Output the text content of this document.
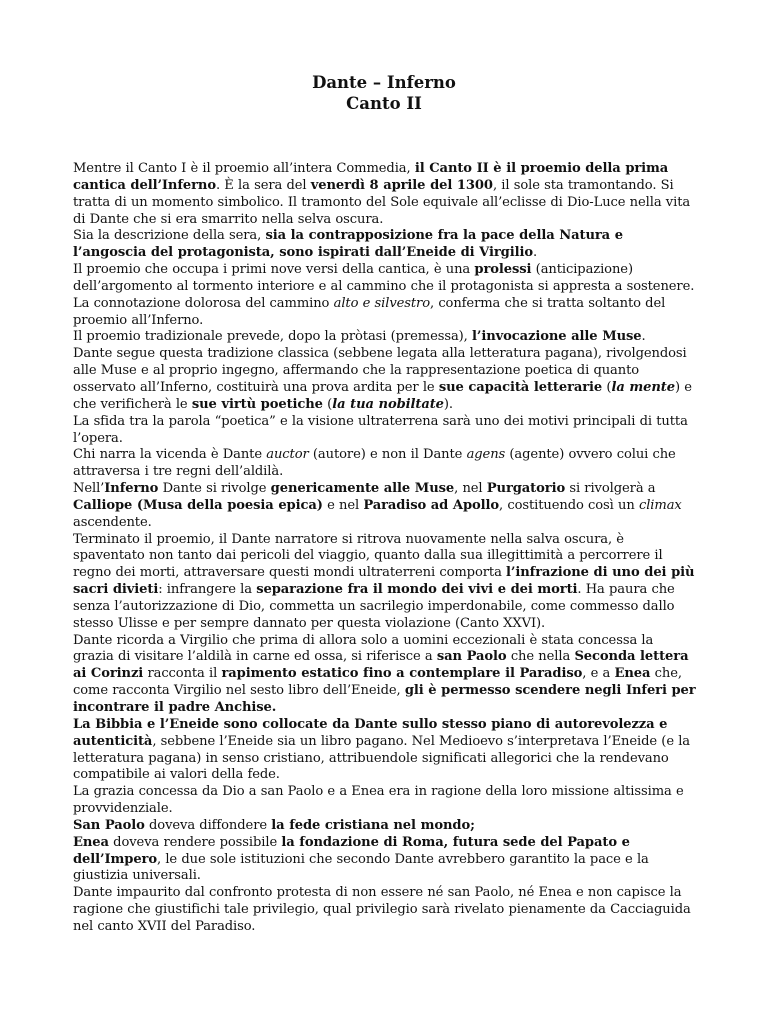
Dante – Inferno
Canto II

Mentre il Canto I è il proemio all’intera Commedia, il Canto II è il proemio della prima cantica dell’Inferno. È la sera del venerdì 8 aprile del 1300, il sole sta tramontando. Si tratta di un momento simbolico. Il tramonto del Sole equivale all’eclisse di Dio-Luce nella vita di Dante che si era smarrito nella selva oscura.

Sia la descrizione della sera, sia la contrapposizione fra la pace della Natura e l’angoscia del protagonista, sono ispirati dall’Eneide di Virgilio.

Il proemio che occupa i primi nove versi della cantica, è una prolessi (anticipazione) dell’argomento al tormento interiore e al cammino che il protagonista si appresta a sostenere.

La connotazione dolorosa del cammino alto e silvestro, conferma che si tratta soltanto del proemio all’Inferno.

Il proemio tradizionale prevede, dopo la pròtasi (premessa), l’invocazione alle Muse.

Dante segue questa tradizione classica (sebbene legata alla letteratura pagana), rivolgendosi alle Muse e al proprio ingegno, affermando che la rappresentazione poetica di quanto osservato all’Inferno, costituirà una prova ardita per le sue capacità letterarie (la mente) e che verificherà le sue virtù poetiche (la tua nobiltate).

La sfida tra la parola “poetica” e la visione ultraterrena sarà uno dei motivi principali di tutta l’opera.

Chi narra la vicenda è Dante auctor (autore) e non il Dante agens (agente) ovvero colui che attraversa i tre regni dell’aldilà.

Nell’Inferno Dante si rivolge genericamente alle Muse, nel Purgatorio si rivolgerà a Calliope (Musa della poesia epica) e nel Paradiso ad Apollo, costituendo così un climax ascendente.

Terminato il proemio, il Dante narratore si ritrova nuovamente nella salva oscura, è spaventato non tanto dai pericoli del viaggio, quanto dalla sua illegittimità a percorrere il regno dei morti, attraversare questi mondi ultraterreni comporta l’infrazione di uno dei più sacri divieti: infrangere la separazione fra il mondo dei vivi e dei morti. Ha paura che senza l’autorizzazione di Dio, commetta un sacrilegio imperdonabile, come commesso dallo stesso Ulisse e per sempre dannato per questa violazione (Canto XXVI).

Dante ricorda a Virgilio che prima di allora solo a uomini eccezionali è stata concessa la grazia di visitare l’aldilà in carne ed ossa, si riferisce a san Paolo che nella Seconda lettera ai Corinzi racconta il rapimento estatico fino a contemplare il Paradiso, e a Enea che, come racconta Virgilio nel sesto libro dell’Eneide, gli è permesso scendere negli Inferi per incontrare il padre Anchise.

La Bibbia e l’Eneide sono collocate da Dante sullo stesso piano di autorevolezza e autenticità, sebbene l’Eneide sia un libro pagano. Nel Medioevo s’interpretava l’Eneide (e la letteratura pagana) in senso cristiano, attribuendole significati allegorici che la rendevano compatibile ai valori della fede.

La grazia concessa da Dio a san Paolo e a Enea era in ragione della loro missione altissima e provvidenziale.

San Paolo doveva diffondere la fede cristiana nel mondo;

Enea doveva rendere possibile la fondazione di Roma, futura sede del Papato e dell’Impero, le due sole istituzioni che secondo Dante avrebbero garantito la pace e la giustizia universali.

Dante impaurito dal confronto protesta di non essere né san Paolo, né Enea e non capisce la ragione che giustifichi tale privilegio, qual privilegio sarà rivelato pienamente da Cacciaguida nel canto XVII del Paradiso.
